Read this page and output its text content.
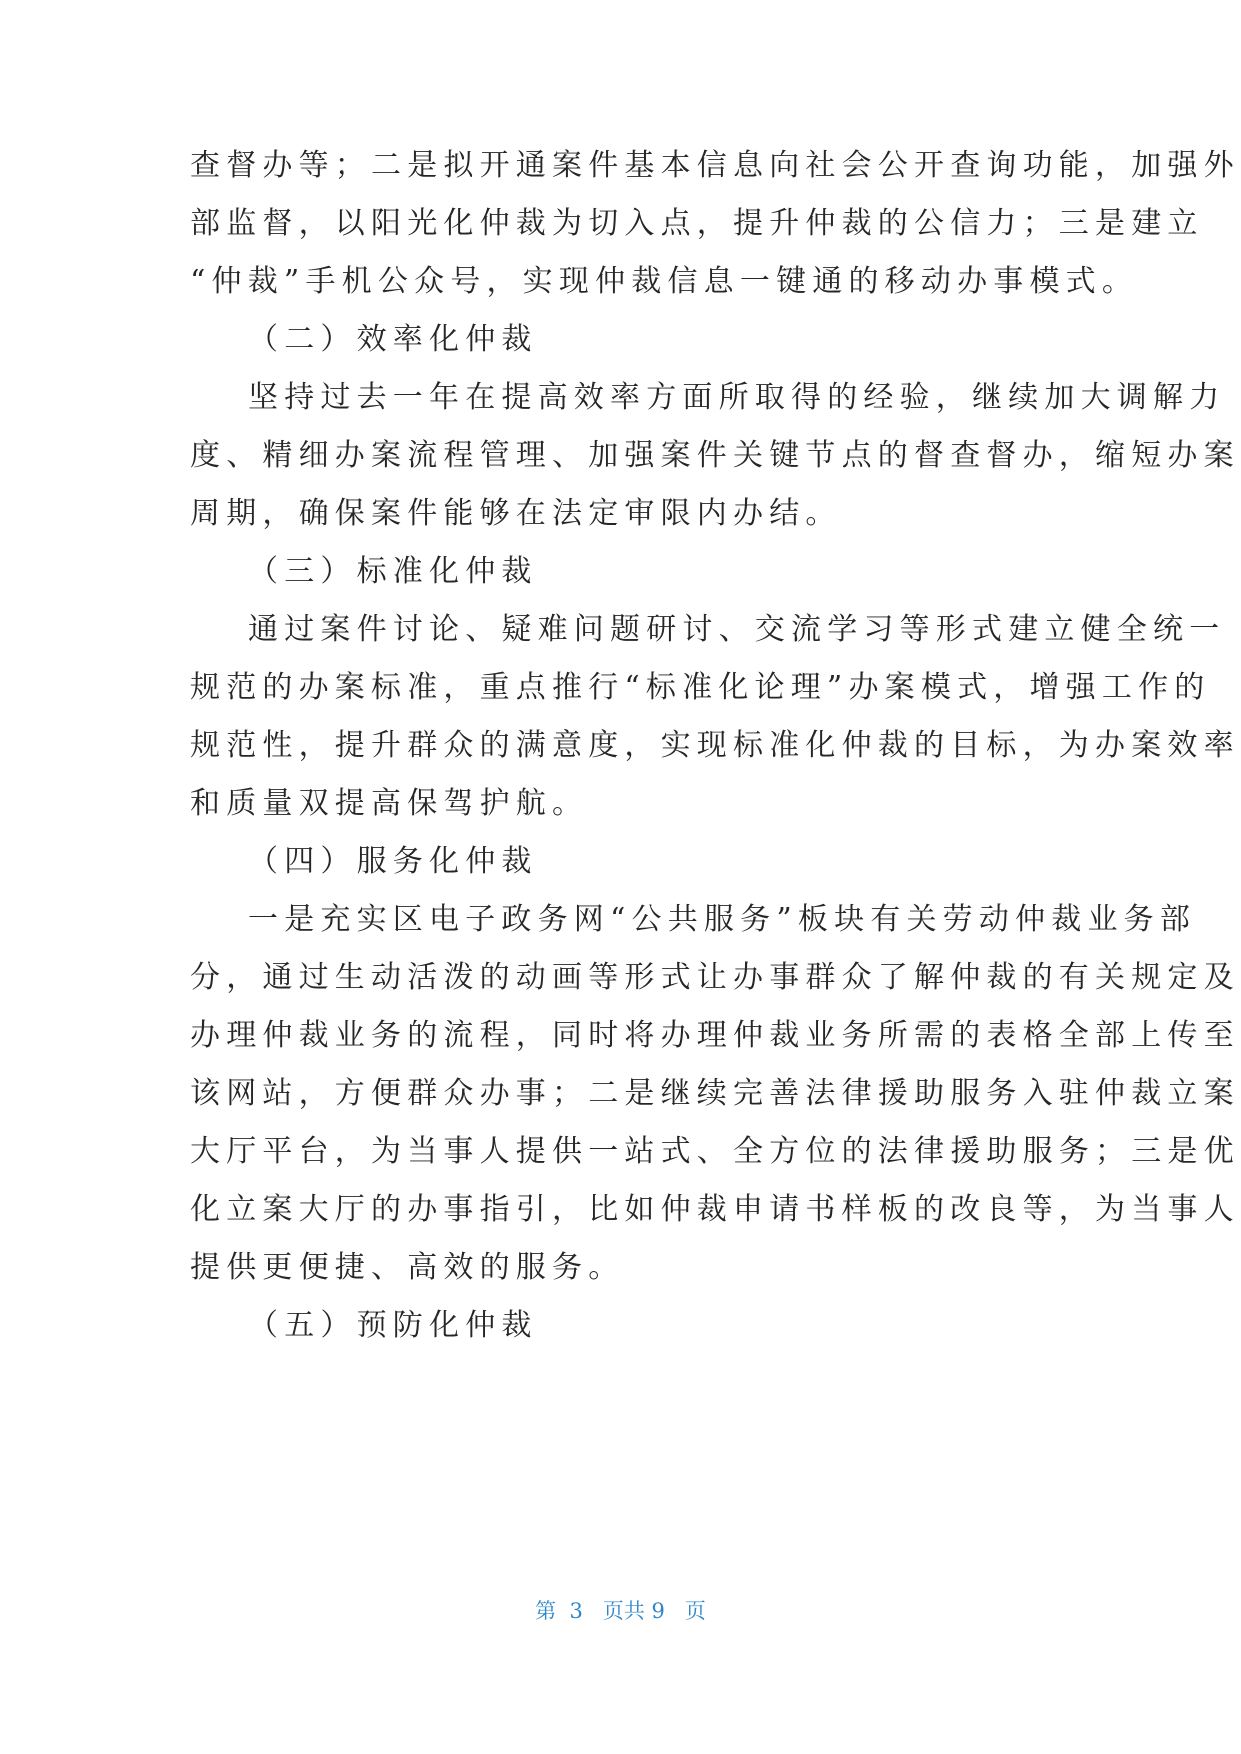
查督办等；二是拟开通案件基本信息向社会公开查询功能，加强外
部监督，以阳光化仲裁为切入点，提升仲裁的公信力；三是建立
“仲裁”手机公众号，实现仲裁信息一键通的移动办事模式。
（二）效率化仲裁
坚持过去一年在提高效率方面所取得的经验，继续加大调解力
度、精细办案流程管理、加强案件关键节点的督查督办，缩短办案
周期，确保案件能够在法定审限内办结。
（三）标准化仲裁
通过案件讨论、疑难问题研讨、交流学习等形式建立健全统一
规范的办案标准，重点推行“标准化论理”办案模式，增强工作的
规范性，提升群众的满意度，实现标准化仲裁的目标，为办案效率
和质量双提高保驾护航。
（四）服务化仲裁
一是充实区电子政务网“公共服务”板块有关劳动仲裁业务部
分，通过生动活泼的动画等形式让办事群众了解仲裁的有关规定及
办理仲裁业务的流程，同时将办理仲裁业务所需的表格全部上传至
该网站，方便群众办事；二是继续完善法律援助服务入驻仲裁立案
大厅平台，为当事人提供一站式、全方位的法律援助服务；三是优
化立案大厅的办事指引，比如仲裁申请书样板的改良等，为当事人
提供更便捷、高效的服务。
（五）预防化仲裁
第  3   页共 9   页
